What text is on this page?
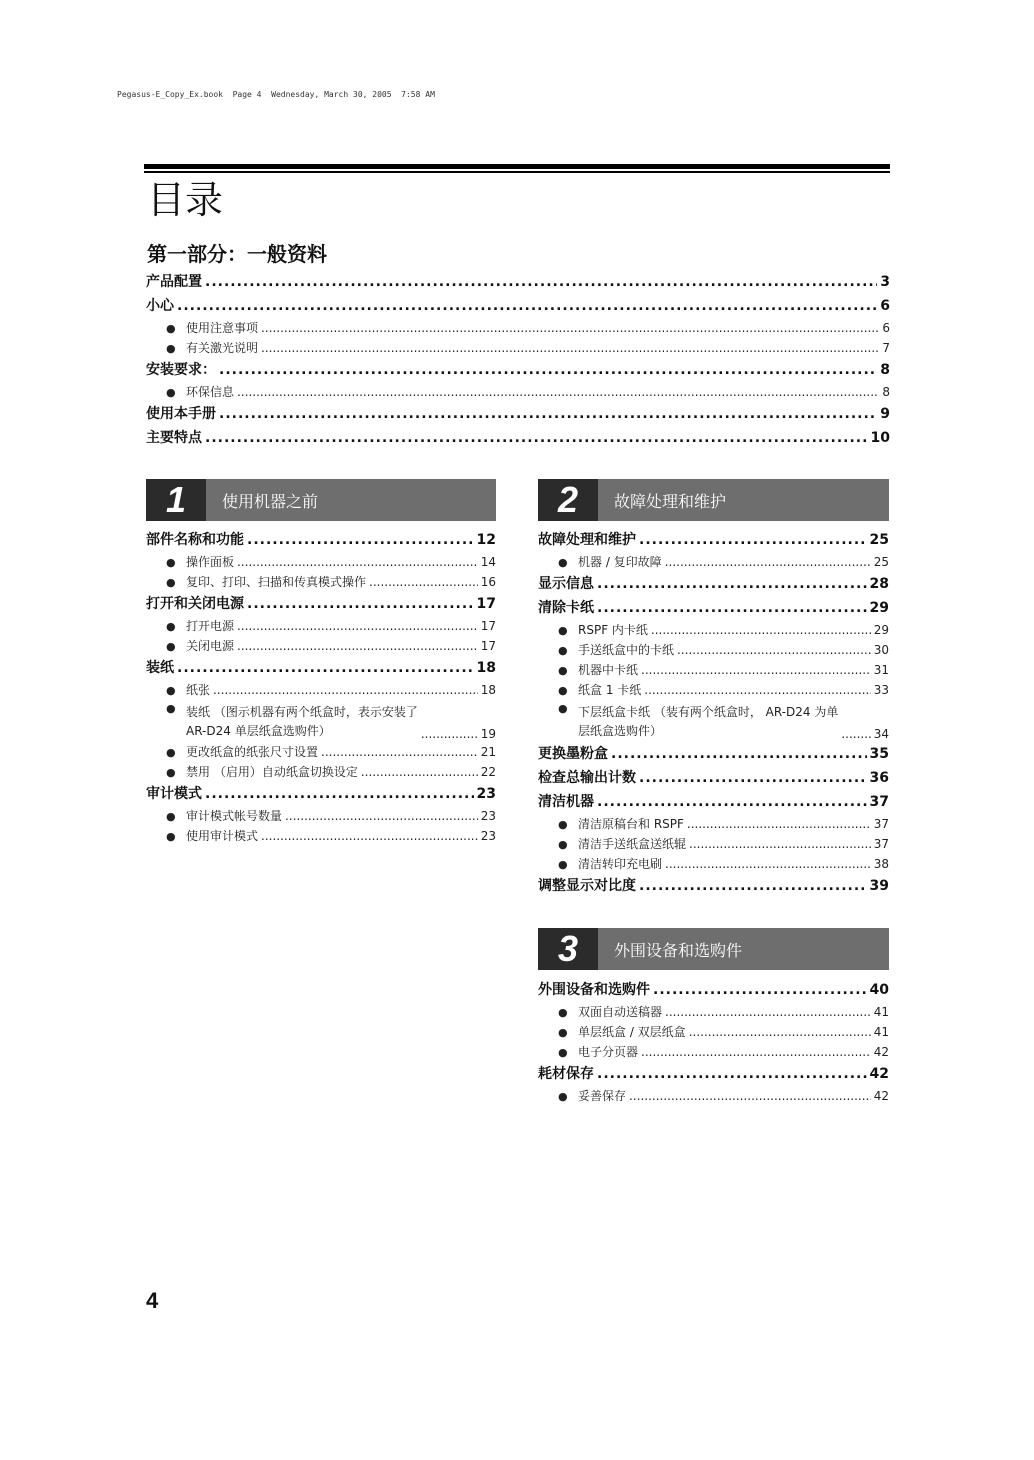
Pegasus-E_Copy_Ex.book  Page 4  Wednesday, March 30, 2005  7:58 AM
目录
第一部分：一般资料
产品配置 .....	3
小心 .....	6
● 使用注意事项 .....	6
● 有关激光说明 .....	7
安装要求： .....	8
● 环保信息 .....	8
使用本手册 .....	9
主要特点 .....	10
1	使用机器之前
部件名称和功能 .....	12
● 操作面板 .....	14
● 复印、打印、扫描和传真模式操作 .....	16
打开和关闭电源 .....	17
● 打开电源 .....	17
● 关闭电源 .....	17
装纸 .....	18
● 纸张 .....	18
● 装纸 （图示机器有两个纸盒时，表示安装了
AR-D24 单层纸盒选购件） .....	19
● 更改纸盒的纸张尺寸设置 .....	21
● 禁用 （启用）自动纸盒切换设定 .....	22
审计模式 .....	23
● 审计模式帐号数量 .....	23
● 使用审计模式 .....	23
2	故障处理和维护
故障处理和维护 .....	25
● 机器 / 复印故障 .....	25
显示信息 .....	28
清除卡纸 .....	29
● RSPF 内卡纸 .....	29
● 手送纸盒中的卡纸 .....	30
● 机器中卡纸 .....	31
● 纸盒 1 卡纸 .....	33
● 下层纸盒卡纸 （装有两个纸盒时， AR-D24 为单
层纸盒选购件） .....	34
更换墨粉盒 .....	35
检查总输出计数 .....	36
清洁机器 .....	37
● 清洁原稿台和 RSPF .....	37
● 清洁手送纸盒送纸辊 .....	37
● 清洁转印充电刷 .....	38
调整显示对比度 .....	39
3	外围设备和选购件
外围设备和选购件 .....	40
● 双面自动送稿器 .....	41
● 单层纸盒 / 双层纸盒 .....	41
● 电子分页器 .....	42
耗材保存 .....	42
● 妥善保存 .....	42
4
